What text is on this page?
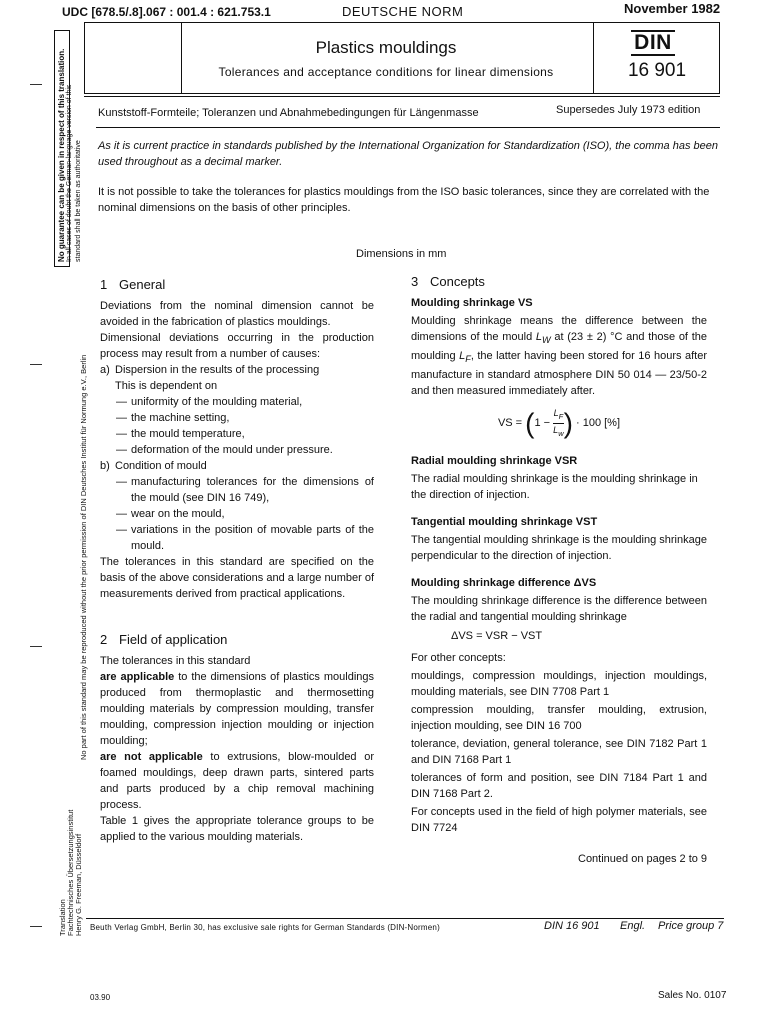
UDC [678.5/.8].067 : 001.4 : 621.753.1	DEUTSCHE NORM	November 1982
Plastics mouldings
Tolerances and acceptance conditions for linear dimensions
DIN
16 901
Kunststoff-Formteile; Toleranzen und Abnahmebedingungen für Längenmasse	Supersedes July 1973 edition
As it is current practice in standards published by the International Organization for Standardization (ISO), the comma has been used throughout as a decimal marker.
It is not possible to take the tolerances for plastics mouldings from the ISO basic tolerances, since they are correlated with the nominal dimensions on the basis of other principles.
Dimensions in mm
1 General

Deviations from the nominal dimension cannot be avoided in the fabrication of plastics mouldings.

Dimensional deviations occurring in the production process may result from a number of causes:

a) Dispersion in the results of the processing
This is dependent on
— uniformity of the moulding material,
— the machine setting,
— the mould temperature,
— deformation of the mould under pressure.
b) Condition of mould
— manufacturing tolerances for the dimensions of the mould (see DIN 16 749),
— wear on the mould,
— variations in the position of movable parts of the mould.

The tolerances in this standard are specified on the basis of the above considerations and a large number of measurements derived from practical applications.

2 Field of application

The tolerances in this standard

are applicable to the dimensions of plastics mouldings produced from thermoplastic and thermosetting moulding materials by compression moulding, transfer moulding, compression injection moulding or injection moulding;

are not applicable to extrusions, blow-moulded or foamed mouldings, deep drawn parts, sintered parts and parts produced by a chip removal machining process.

Table 1 gives the appropriate tolerance groups to be applied to the various moulding materials.

3 Concepts
Moulding shrinkage VS

Moulding shrinkage means the difference between the dimensions of the mould $L_W$ at (23 ± 2) °C and those of the moulding $L_F$, the latter having been stored for 16 hours after manufacture in standard atmosphere DIN 50 014 — 23/50-2 and then measured immediately after.

VS = $(1 - \frac{L_F}{L_w}) \cdot 100$ [%]
Radial moulding shrinkage VSR

The radial moulding shrinkage is the moulding shrinkage in the direction of injection.

Tangential moulding shrinkage VST

The tangential moulding shrinkage is the moulding shrinkage perpendicular to the direction of injection.

Moulding shrinkage difference ΔVS

The moulding shrinkage difference is the difference between the radial and tangential moulding shrinkage

ΔVS = VSR − VST

For other concepts:

mouldings, compression mouldings, injection mouldings, moulding materials, see DIN 7708 Part 1

compression moulding, transfer moulding, extrusion, injection moulding, see DIN 16 700

tolerance, deviation, general tolerance, see DIN 7182 Part 1 and DIN 7168 Part 1

tolerances of form and position, see DIN 7184 Part 1 and DIN 7168 Part 2.

For concepts used in the field of high polymer materials, see DIN 7724

Continued on pages 2 to 9
Beuth Verlag GmbH, Berlin 30, has exclusive sale rights for German Standards (DIN-Normen)
03.90
DIN 16 901 Engl. Price group 7
Sales No. 0107
No guarantee can be given in respect of this translation. In all cases of doubt the German-language version of this standard shall be taken as authoritative
No part of this standard may be reproduced without the prior permission of DIN Deutsches Institut für Normung e.V., Berlin
Translation Fachtechnisches Übersetzungsinstitut Henry G. Freeman, Düsseldorf
